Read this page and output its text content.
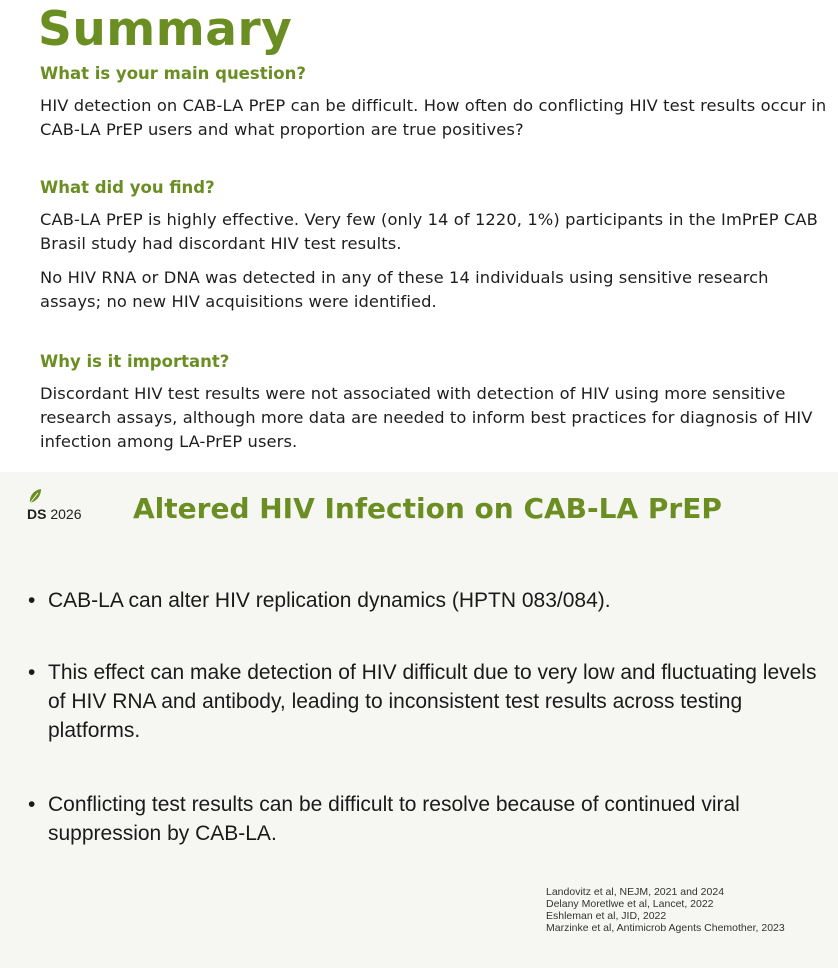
Summary
What is your main question?

HIV detection on CAB-LA PrEP can be difficult. How often do conflicting HIV test results occur in CAB-LA PrEP users and what proportion are true positives?

What did you find?

CAB-LA PrEP is highly effective. Very few (only 14 of 1220, 1%) participants in the ImPrEP CAB Brasil study had discordant HIV test results.

No HIV RNA or DNA was detected in any of these 14 individuals using sensitive research assays; no new HIV acquisitions were identified.

Why is it important?

Discordant HIV test results were not associated with detection of HIV using more sensitive research assays, although more data are needed to inform best practices for diagnosis of HIV infection among LA-PrEP users.

DS 2026 Altered HIV Infection on CAB-LA PrEP
• CAB-LA can alter HIV replication dynamics (HPTN 083/084).
• This effect can make detection of HIV difficult due to very low and fluctuating levels of HIV RNA and antibody, leading to inconsistent test results across testing platforms.
• Conflicting test results can be difficult to resolve because of continued viral suppression by CAB-LA.
Landovitz et al, NEJM, 2021 and 2024
Delany Moretlwe et al, Lancet, 2022
Eshleman et al, JID, 2022
Marzinke et al, Antimicrob Agents Chemother, 2023
